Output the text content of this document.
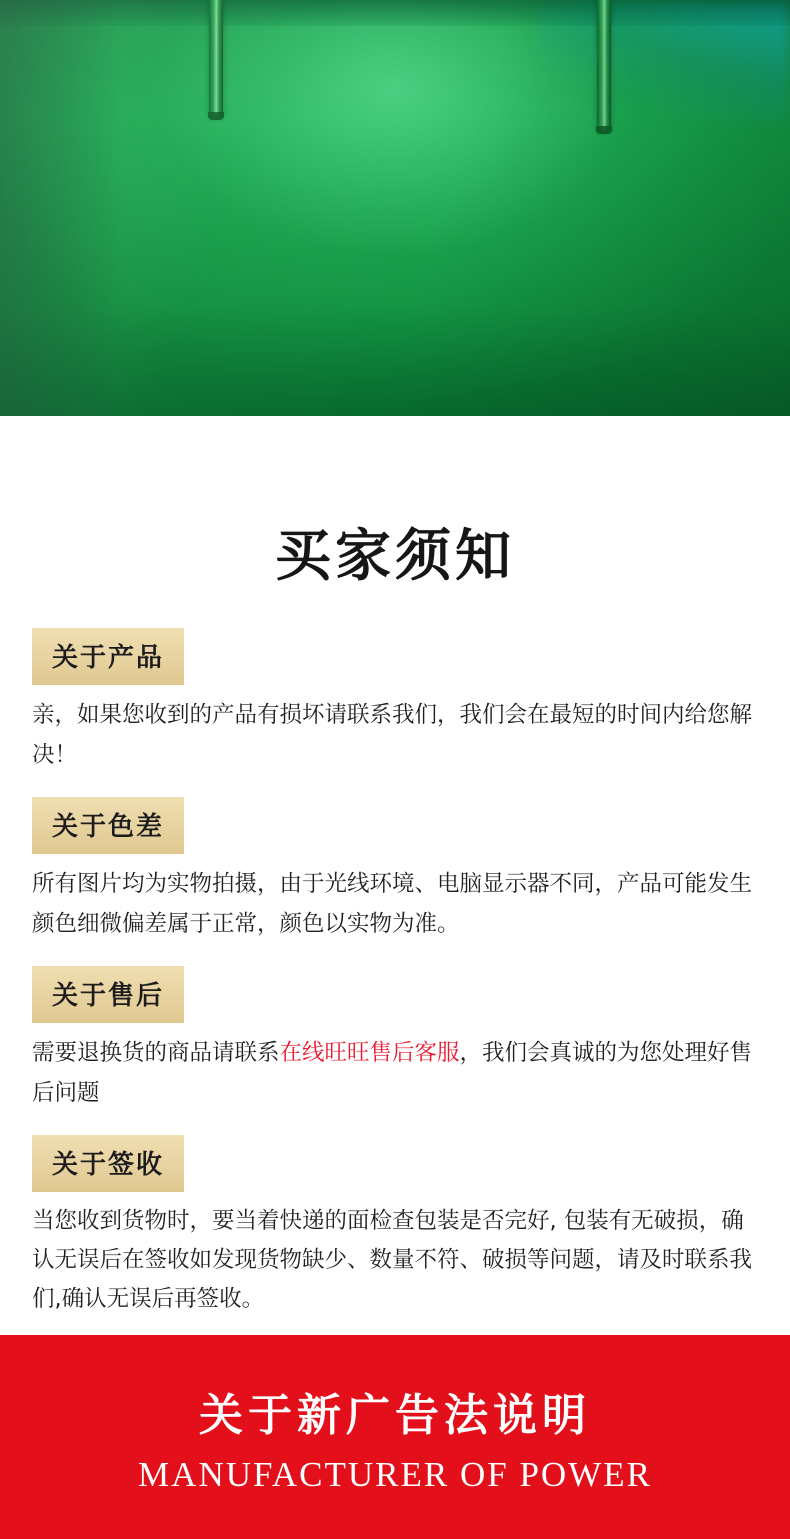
买家须知
关于产品

亲，如果您收到的产品有损坏请联系我们，我们会在最短的时间内给您解决！

关于色差

所有图片均为实物拍摄，由于光线环境、电脑显示器不同，产品可能发生颜色细微偏差属于正常，颜色以实物为准。

关于售后

需要退换货的商品请联系在线旺旺售后客服，我们会真诚的为您处理好售后问题

关于签收

当您收到货物时，要当着快递的面检查包装是否完好, 包装有无破损，确认无误后在签收如发现货物缺少、数量不符、破损等问题，请及时联系我们,确认无误后再签收。

关于新广告法说明
MANUFACTURER OF POWER
